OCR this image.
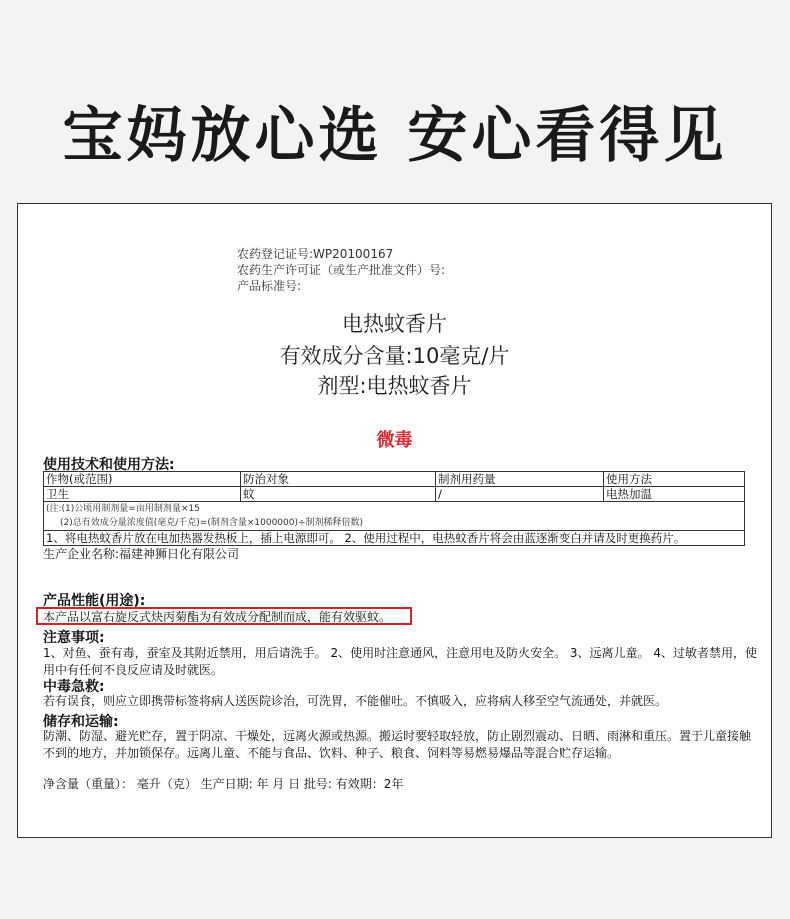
宝妈放心选 安心看得见
农药登记证号:WP20100167
农药生产许可证（或生产批准文件）号:
产品标准号:
电热蚊香片
有效成分含量:10毫克/片
剂型:电热蚊香片
微毒
使用技术和使用方法:
作物(或范围)	防治对象	制剂用药量	使用方法
卫生	蚊	/	电热加温

(注:(1)公顷用制剂量=亩用制剂量×15
(2)总有效成分量浓度值(毫克/千克)=(制剂含量×1000000)÷制剂稀释倍数)			

1、将电热蚊香片放在电加热器发热板上，插上电源即可。 2、使用过程中，电热蚊香片将会由蓝逐渐变白并请及时更换药片。			
生产企业名称:福建神狮日化有限公司
产品性能(用途):
本产品以富右旋反式炔丙菊酯为有效成分配制而成，能有效驱蚊。
注意事项:
1、对鱼、蚕有毒，蚕室及其附近禁用，用后请洗手。 2、使用时注意通风，注意用电及防火安全。 3、远离儿童。 4、过敏者禁用，使用中有任何不良反应请及时就医。
中毒急救:
若有误食，则应立即携带标签将病人送医院诊治，可洗胃，不能催吐。不慎吸入，应将病人移至空气流通处，并就医。
储存和运输:
防潮、防湿、避光贮存，置于阴凉、干燥处，远离火源或热源。搬运时要轻取轻放，防止剧烈震动、日晒、雨淋和重压。置于儿童接触不到的地方，并加锁保存。远离儿童、不能与食品、饮料、种子、粮食、饲料等易燃易爆品等混合贮存运输。
净含量（重量）： 毫升（克） 生产日期: 年 月 日 批号: 有效期：2年
